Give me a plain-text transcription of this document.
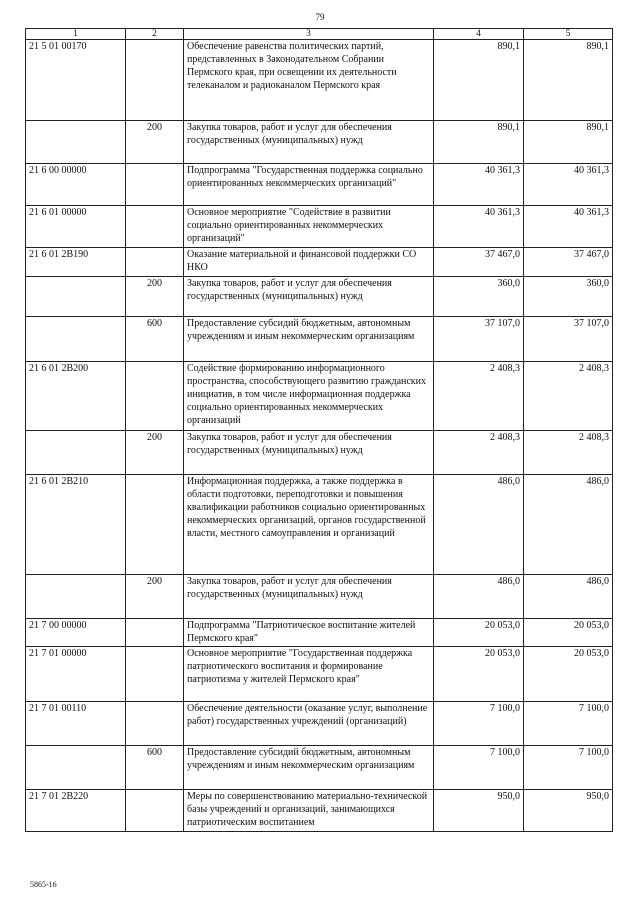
79
1	2	3	4	5
21 5 01 00170		Обеспечение равенства политических партий, представленных в Законодательном Собрании Пермского края, при освещении их деятельности телеканалом и радиоканалом Пермского края	890,1	890,1
	200	Закупка товаров, работ и услуг для обеспечения государственных (муниципальных) нужд	890,1	890,1
21 6 00 00000		Подпрограмма "Государственная поддержка социально ориентированных некоммерческих организаций"	40 361,3	40 361,3
21 6 01 00000		Основное мероприятие "Содействие в развитии социально ориентированных некоммерческих организаций"	40 361,3	40 361,3
21 6 01 2В190		Оказание материальной и финансовой поддержки СО НКО	37 467,0	37 467,0
	200	Закупка товаров, работ и услуг для обеспечения государственных (муниципальных) нужд	360,0	360,0
	600	Предоставление субсидий бюджетным, автономным учреждениям и иным некоммерческим организациям	37 107,0	37 107,0
21 6 01 2В200		Содействие формированию информационного пространства, способствующего развитию гражданских инициатив, в том числе информационная поддержка социально ориентированных некоммерческих организаций	2 408,3	2 408,3
	200	Закупка товаров, работ и услуг для обеспечения государственных (муниципальных) нужд	2 408,3	2 408,3
21 6 01 2В210		Информационная поддержка, а также поддержка в области подготовки, переподготовки и повышения квалификации работников социально ориентированных некоммерческих организаций, органов государственной власти, местного самоуправления и организаций	486,0	486,0
	200	Закупка товаров, работ и услуг для обеспечения государственных (муниципальных) нужд	486,0	486,0
21 7 00 00000		Подпрограмма "Патриотическое воспитание жителей Пермского края"	20 053,0	20 053,0
21 7 01 00000		Основное мероприятие "Государственная поддержка патриотического воспитания и формирование патриотизма у жителей Пермского края"	20 053,0	20 053,0
21 7 01 00110		Обеспечение деятельности (оказание услуг, выполнение работ) государственных учреждений (организаций)	7 100,0	7 100,0
	600	Предоставление субсидий бюджетным, автономным учреждениям и иным некоммерческим организациям	7 100,0	7 100,0
21 7 01 2В220		Меры по совершенствованию материально-технической базы учреждений и организаций, занимающихся патриотическим воспитанием	950,0	950,0
5865-16
